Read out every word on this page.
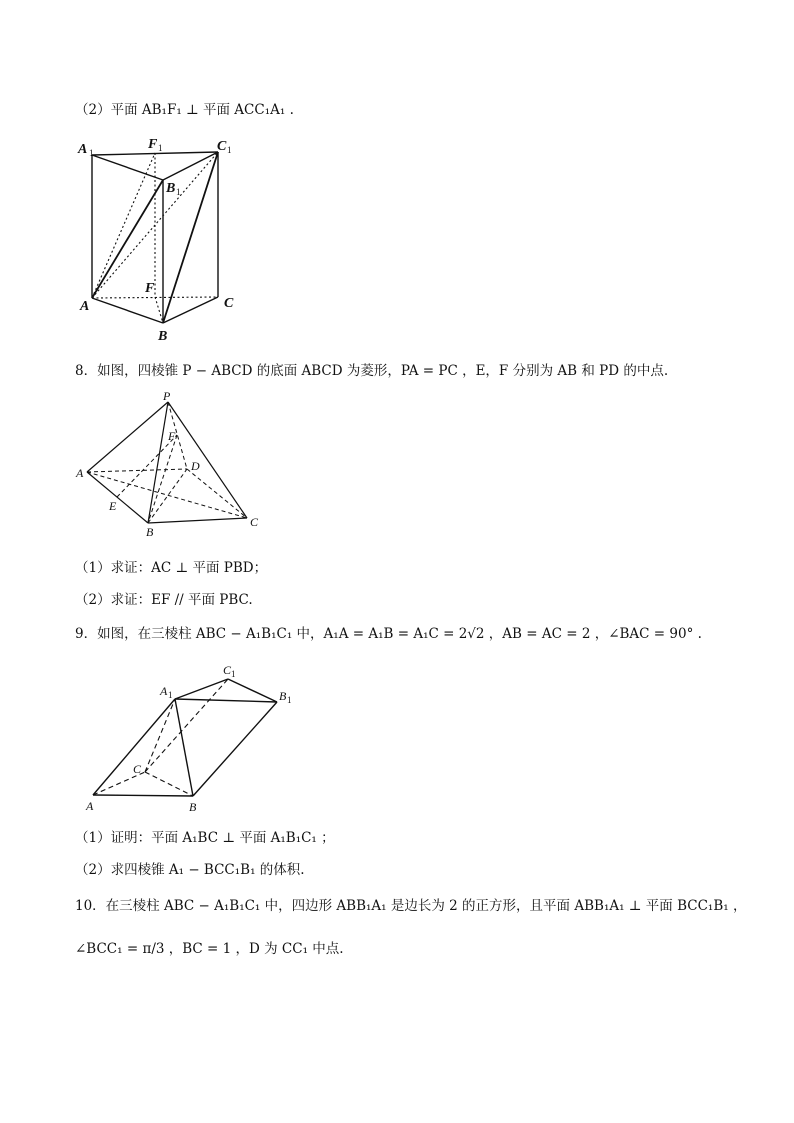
（2）平面 AB₁F₁ ⊥ 平面 ACC₁A₁ .
A 1
F 1	C 1
B 1
A
F
C
B
8．如图，四棱锥 P − ABCD 的底面 ABCD 为菱形，PA = PC ，E，F 分别为 AB 和 PD 的中点.
P
F
A	D
E
B
C
（1）求证：AC ⊥ 平面 PBD；
（2）求证：EF // 平面 PBC.
9．如图，在三棱柱 ABC − A₁B₁C₁ 中，A₁A = A₁B = A₁C = 2√2 ，AB = AC = 2 ，∠BAC = 90° .
A 1
C 1
B 1
C
A	B
（1）证明：平面 A₁BC ⊥ 平面 A₁B₁C₁ ；
（2）求四棱锥 A₁ − BCC₁B₁ 的体积.
10．在三棱柱 ABC − A₁B₁C₁ 中，四边形 ABB₁A₁ 是边长为 2 的正方形，且平面 ABB₁A₁ ⊥ 平面 BCC₁B₁ ，
∠BCC₁ = π/3 ，BC = 1 ，D 为 CC₁ 中点.
